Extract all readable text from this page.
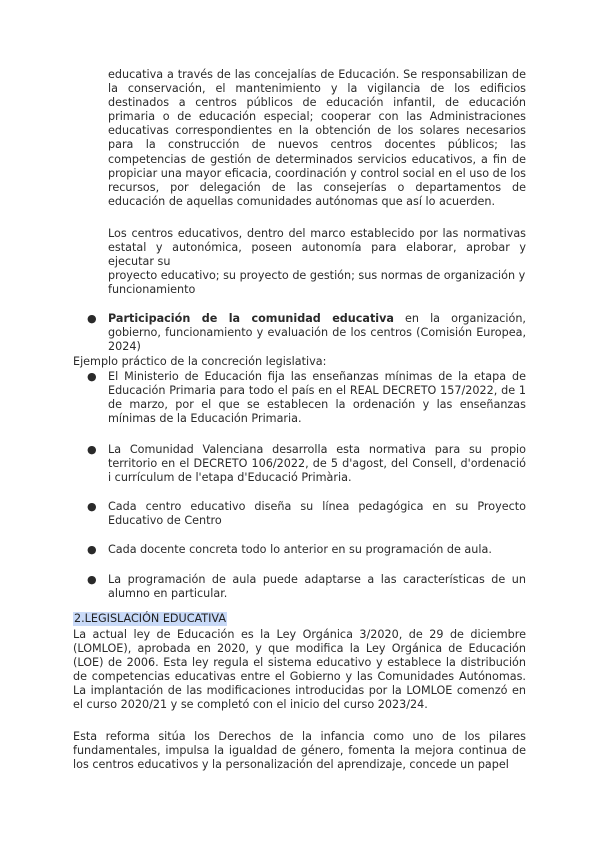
educativa a través de las concejalías de Educación. Se responsabilizan de la conservación, el mantenimiento y la vigilancia de los edificios destinados a centros públicos de educación infantil, de educación primaria o de educación especial; cooperar con las Administraciones educativas correspondientes en la obtención de los solares necesarios para la construcción de nuevos centros docentes públicos; las competencias de gestión de determinados servicios educativos, a fin de propiciar una mayor eficacia, coordinación y control social en el uso de los recursos, por delegación de las consejerías o departamentos de educación de aquellas comunidades autónomas que así lo acuerden.

Los centros educativos, dentro del marco establecido por las normativas estatal y autonómica, poseen autonomía para elaborar, aprobar y ejecutar su
proyecto educativo; su proyecto de gestión; sus normas de organización y funcionamiento

● Participación de la comunidad educativa en la organización, gobierno, funcionamiento y evaluación de los centros (Comisión Europea, 2024)

Ejemplo práctico de la concreción legislativa:

● El Ministerio de Educación fija las enseñanzas mínimas de la etapa de Educación Primaria para todo el país en el REAL DECRETO 157/2022, de 1 de marzo, por el que se establecen la ordenación y las enseñanzas mínimas de la Educación Primaria.
● La Comunidad Valenciana desarrolla esta normativa para su propio territorio en el DECRETO 106/2022, de 5 d'agost, del Consell, d'ordenació i currículum de l'etapa d'Educació Primària.
● Cada centro educativo diseña su línea pedagógica en su Proyecto Educativo de Centro
● Cada docente concreta todo lo anterior en su programación de aula.
● La programación de aula puede adaptarse a las características de un alumno en particular.

2.LEGISLACIÓN EDUCATIVA

La actual ley de Educación es la Ley Orgánica 3/2020, de 29 de diciembre (LOMLOE), aprobada en 2020, y que modifica la Ley Orgánica de Educación (LOE) de 2006. Esta ley regula el sistema educativo y establece la distribución de competencias educativas entre el Gobierno y las Comunidades Autónomas. La implantación de las modificaciones introducidas por la LOMLOE comenzó en el curso 2020/21 y se completó con el inicio del curso 2023/24.

Esta reforma sitúa los Derechos de la infancia como uno de los pilares fundamentales, impulsa la igualdad de género, fomenta la mejora continua de los centros educativos y la personalización del aprendizaje, concede un papel
